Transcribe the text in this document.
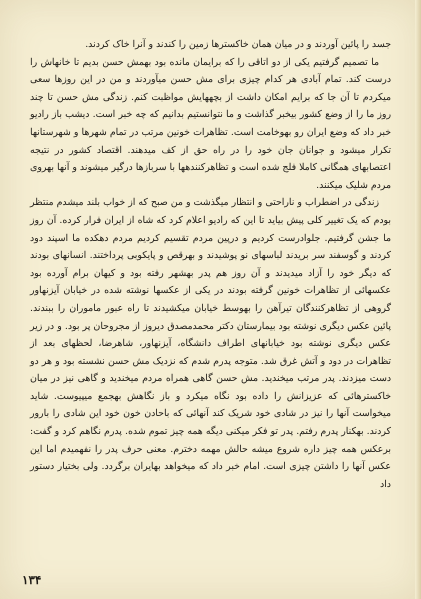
جسد را پائین آوردند و در میان همان خاکسترها زمین را کندند و آنرا خاک کردند.

ما تصمیم گرفتیم یکی از دو اتاقی را که برایمان مانده بود بهمش حسن بدیم تا خانهاش را درست کند. تمام آبادی هر کدام چیزی برای مش حسن میآوردند و من در این روزها سعی میکردم تا آن جا که برایم امکان داشت از بچههایش مواظبت کنم. زندگی مش حسن تا چند روز ما را از وضع کشور بیخبر گذاشت و ما نتوانستیم بدانیم که چه خبر است. دیشب باز رادیو خبر داد که وضع ایران رو بهوخامت است. تظاهرات خونین مرتب در تمام شهرها و شهرستانها تکرار میشود و جوانان جان خود را در راه حق از کف میدهند. اقتصاد کشور در نتیجه اعتصابهای همگانی کاملا فلج شده است و تظاهرکنندهها با سربازها درگیر میشوند و آنها بهروی مردم شلیک میکنند.

زندگی در اضطراب و ناراحتی و انتظار میگذشت و من صبح که از خواب بلند میشدم منتظر بودم که یک تغییر کلی پیش بیاید تا این که رادیو اعلام کرد که شاه از ایران فرار کرده. آن روز ما جشن گرفتیم. جلوادرست کردیم و درپین مردم تقسیم کردیم مردم دهکده ما اسپند دود کردند و گوسفند سر بریدند لباسهای نو پوشیدند و بهرقص و پایکوبی پرداختند. انسانهای بودند که دیگر خود را آزاد میدیدند و آن روز هم پدر بهشهر رفته بود و کیهان برام آورده بود عکسهائی از تظاهرات خونین گرفته بودند در یکی از عکسها نوشته شده در خیابان آیزنهاور گروهی از تظاهرکنندگان تیرآهن را بهوسط خیابان میکشیدند تا راه عبور ماموران را ببندند. پائین عکس دیگری نوشته بود بیمارستان دکتر محمدمصدق دیروز از مجروحان پر بود. و در زیر عکس دیگری نوشته بود خیابانهای اطراف دانشگاه، آیزنهاور، شاهرضا، لحظهای بعد از تظاهرات در دود و آتش غرق شد. متوجه پدرم شدم که نزدیک مش حسن نشسته بود و هر دو دست میزدند. پدر مرتب میخندید. مش حسن گاهی همراه مردم میخندید و گاهی نیز در میان خاکسترهائی که عزیزانش را داده بود نگاه میکرد و باز نگاهش بهجمع میپیوست. شاید میخواست آنها را نیز در شادی خود شریک کند آنهائی که باحادن خون خود این شادی را بارور کردند. بهکنار پدرم رفتم. پدر تو فکر میکنی دیگه همه چیز تموم شده. پدرم نگاهم کرد و گفت: برعکس همه چیز داره شروع میشه حالش مهمه دخترم. معنی حرف پدر را نفهمیدم اما این عکس آنها را داشتن چیزی است. امام خبر داد که میخواهد بهایران برگردد. ولی بختیار دستور داد

۱۳۴
